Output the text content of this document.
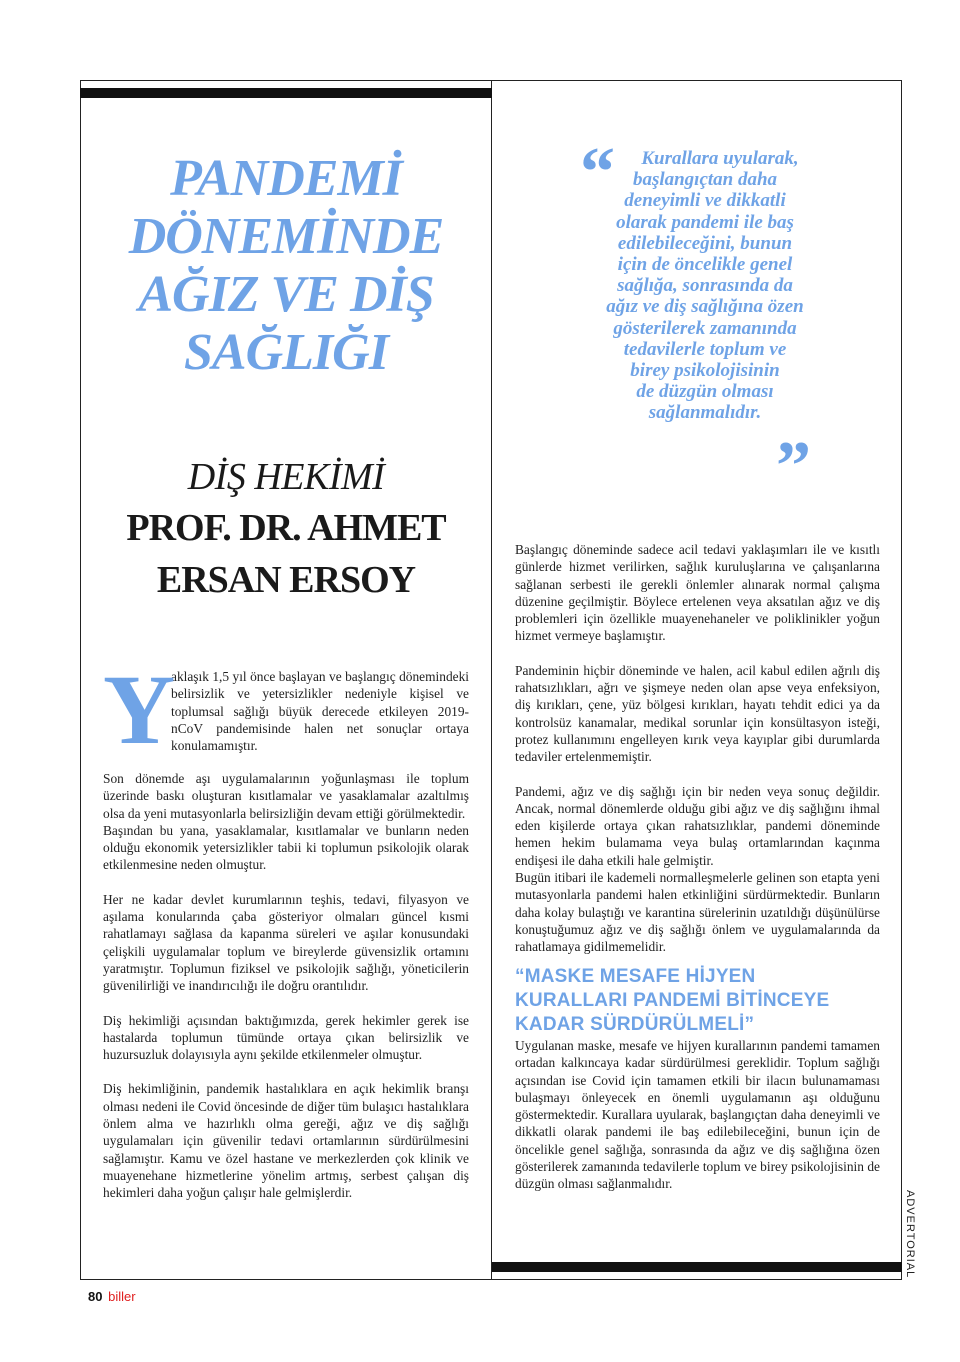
PANDEMİ
DÖNEMİNDE
AĞIZ VE DİŞ
SAĞLIĞI
DİŞ HEKİMİ
PROF. DR. AHMET
ERSAN ERSOY
Y
aklaşık 1,5 yıl önce başlayan ve başlangıç dönemindeki belirsizlik ve yetersizlikler nedeniyle kişisel ve toplumsal sağlığı büyük derecede etkileyen 2019-nCoV pandemisinde halen net sonuçlar ortaya konulamamıştır.

Son dönemde aşı uygulamalarının yoğunlaşması ile toplum üzerinde baskı oluşturan kısıtlamalar ve yasaklamalar azaltılmış olsa da yeni mutasyonlarla belirsizliğin devam ettiği görülmektedir.

Başından bu yana, yasaklamalar, kısıtlamalar ve bunların neden olduğu ekonomik yetersizlikler tabii ki toplumun psikolojik olarak etkilenmesine neden olmuştur.

Her ne kadar devlet kurumlarının teşhis, tedavi, filyasyon ve aşılama konularında çaba gösteriyor olmaları güncel kısmi rahatlamayı sağlasa da kapanma süreleri ve aşılar konusundaki çelişkili uygulamalar toplum ve bireylerde güvensizlik ortamını yaratmıştır. Toplumun fiziksel ve psikolojik sağlığı, yöneticilerin güvenilirliği ve inandırıcılığı ile doğru orantılıdır.

Diş hekimliği açısından baktığımızda, gerek hekimler gerek ise hastalarda toplumun tümünde ortaya çıkan belirsizlik ve huzursuzluk dolayısıyla aynı şekilde etkilenmeler olmuştur.

Diş hekimliğinin, pandemik hastalıklara en açık hekimlik branşı olması nedeni ile Covid öncesinde de diğer tüm bulaşıcı hastalıklara önlem alma ve hazırlıklı olma gereği, ağız ve diş sağlığı uygulamaları için güvenilir tedavi ortamlarının sürdürülmesini sağlamıştır. Kamu ve özel hastane ve merkezlerden çok klinik ve muayenehane hizmetlerine yönelim artmış, serbest çalışan diş hekimleri daha yoğun çalışır hale gelmişlerdir.

“	Kurallara uyularak,
başlangıçtan daha
deneyimli ve dikkatli
olarak pandemi ile baş
edilebileceğini, bunun
için de öncelikle genel
sağlığa, sonrasında da
ağız ve diş sağlığına özen
gösterilerek zamanında
tedavilerle toplum ve
birey psikolojisinin
de düzgün olması
sağlanmalıdır.
”

Başlangıç döneminde sadece acil tedavi yaklaşımları ile ve kısıtlı günlerde hizmet verilirken, sağlık kuruluşlarına ve çalışanlarına sağlanan serbesti ile gerekli önlemler alınarak normal çalışma düzenine geçilmiştir. Böylece ertelenen veya aksatılan ağız ve diş problemleri için özellikle muayenehaneler ve poliklinikler yoğun hizmet vermeye başlamıştır.

Pandeminin hiçbir döneminde ve halen, acil kabul edilen ağrılı diş rahatsızlıkları, ağrı ve şişmeye neden olan apse veya enfeksiyon, diş kırıkları, çene, yüz bölgesi kırıkları, hayatı tehdit edici ya da kontrolsüz kanamalar, medikal sorunlar için konsültasyon isteği, protez kullanımını engelleyen kırık veya kayıplar gibi durumlarda tedaviler ertelenmemiştir.

Pandemi, ağız ve diş sağlığı için bir neden veya sonuç değildir. Ancak, normal dönemlerde olduğu gibi ağız ve diş sağlığını ihmal eden kişilerde ortaya çıkan rahatsızlıklar, pandemi döneminde hemen hekim bulamama veya bulaş ortamlarından kaçınma endişesi ile daha etkili hale gelmiştir.

Bugün itibari ile kademeli normalleşmelerle gelinen son etapta yeni mutasyonlarla pandemi halen etkinliğini sürdürmektedir. Bunların daha kolay bulaştığı ve karantina sürelerinin uzatıldığı düşünülürse konuştuğumuz ağız ve diş sağlığı önlem ve uygulamalarında da rahatlamaya gidilmemelidir.

“MASKE MESAFE HİJYEN
KURALLARI PANDEMİ BİTİNCEYE
KADAR SÜRDÜRÜLMELİ”

Uygulanan maske, mesafe ve hijyen kurallarının pandemi tamamen ortadan kalkıncaya kadar sürdürülmesi gereklidir. Toplum sağlığı açısından ise Covid için tamamen etkili bir ilacın bulunamaması bulaşmayı önleyecek en önemli uygulamanın aşı olduğunu göstermektedir. Kurallara uyularak, başlangıçtan daha deneyimli ve dikkatli olarak pandemi ile baş edilebileceğini, bunun için de öncelikle genel sağlığa, sonrasında da ağız ve diş sağlığına özen gösterilerek zamanında tedavilerle toplum ve birey psikolojisinin de düzgün olması sağlanmalıdır.

ADVERTORIAL
80 biller
